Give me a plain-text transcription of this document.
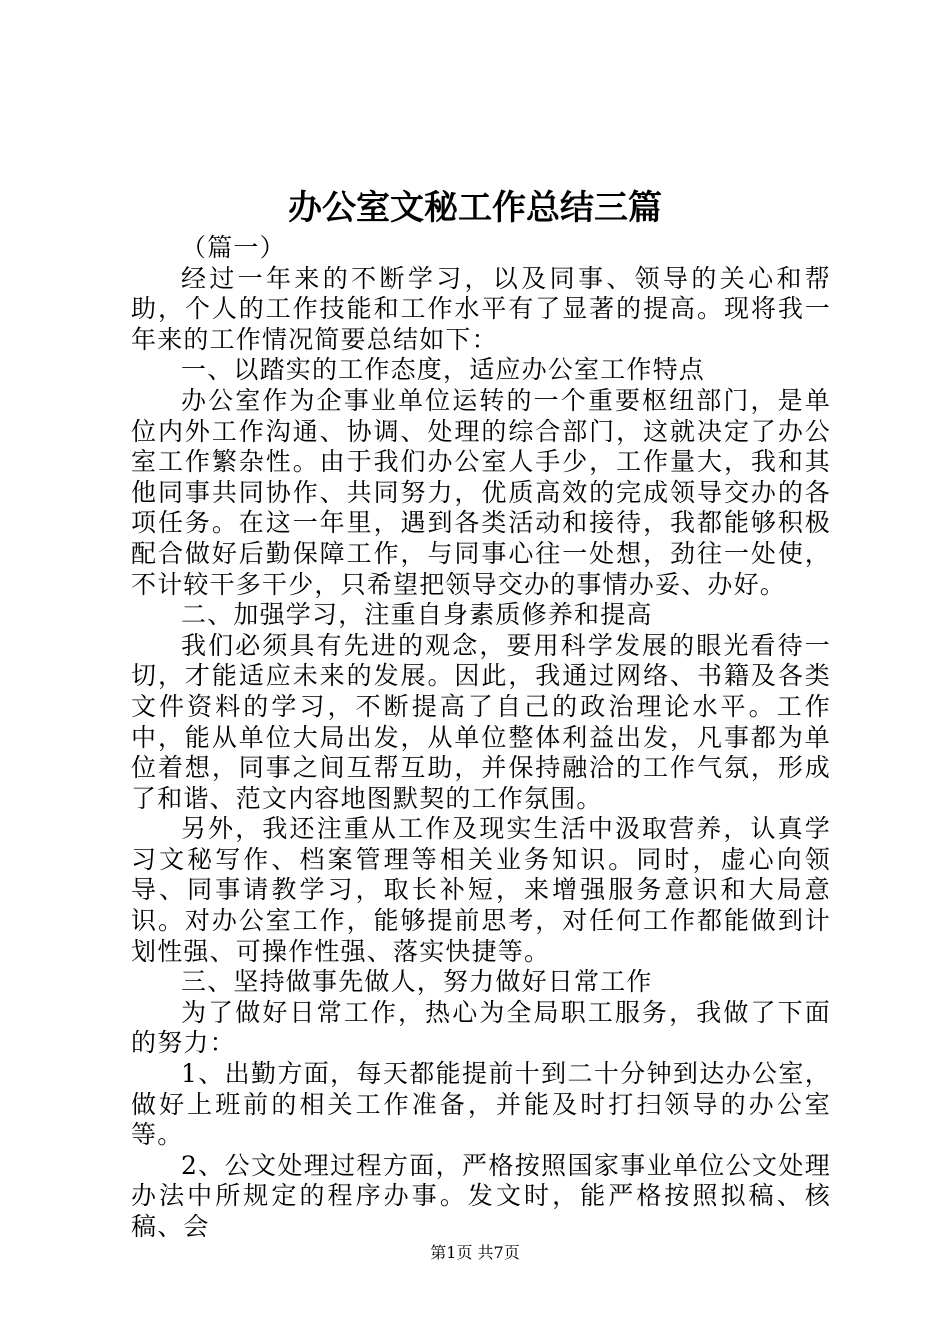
办公室文秘工作总结三篇

（篇一）

经过一年来的不断学习，以及同事、领导的关心和帮助，个人的工作技能和工作水平有了显著的提高。现将我一年来的工作情况简要总结如下：

一、以踏实的工作态度，适应办公室工作特点

办公室作为企事业单位运转的一个重要枢纽部门，是单位内外工作沟通、协调、处理的综合部门，这就决定了办公室工作繁杂性。由于我们办公室人手少，工作量大，我和其他同事共同协作、共同努力，优质高效的完成领导交办的各项任务。在这一年里，遇到各类活动和接待，我都能够积极配合做好后勤保障工作，与同事心往一处想，劲往一处使，不计较干多干少，只希望把领导交办的事情办妥、办好。

二、加强学习，注重自身素质修养和提高

我们必须具有先进的观念，要用科学发展的眼光看待一切，才能适应未来的发展。因此，我通过网络、书籍及各类文件资料的学习，不断提高了自己的政治理论水平。工作中，能从单位大局出发，从单位整体利益出发，凡事都为单位着想，同事之间互帮互助，并保持融洽的工作气氛，形成了和谐、范文内容地图默契的工作氛围。

另外，我还注重从工作及现实生活中汲取营养，认真学习文秘写作、档案管理等相关业务知识。同时，虚心向领导、同事请教学习，取长补短，来增强服务意识和大局意识。对办公室工作，能够提前思考，对任何工作都能做到计划性强、可操作性强、落实快捷等。

三、坚持做事先做人，努力做好日常工作

为了做好日常工作，热心为全局职工服务，我做了下面的努力：

1、出勤方面，每天都能提前十到二十分钟到达办公室，做好上班前的相关工作准备，并能及时打扫领导的办公室等。

2、公文处理过程方面，严格按照国家事业单位公文处理办法中所规定的程序办事。发文时，能严格按照拟稿、核稿、会

第1页 共7页
